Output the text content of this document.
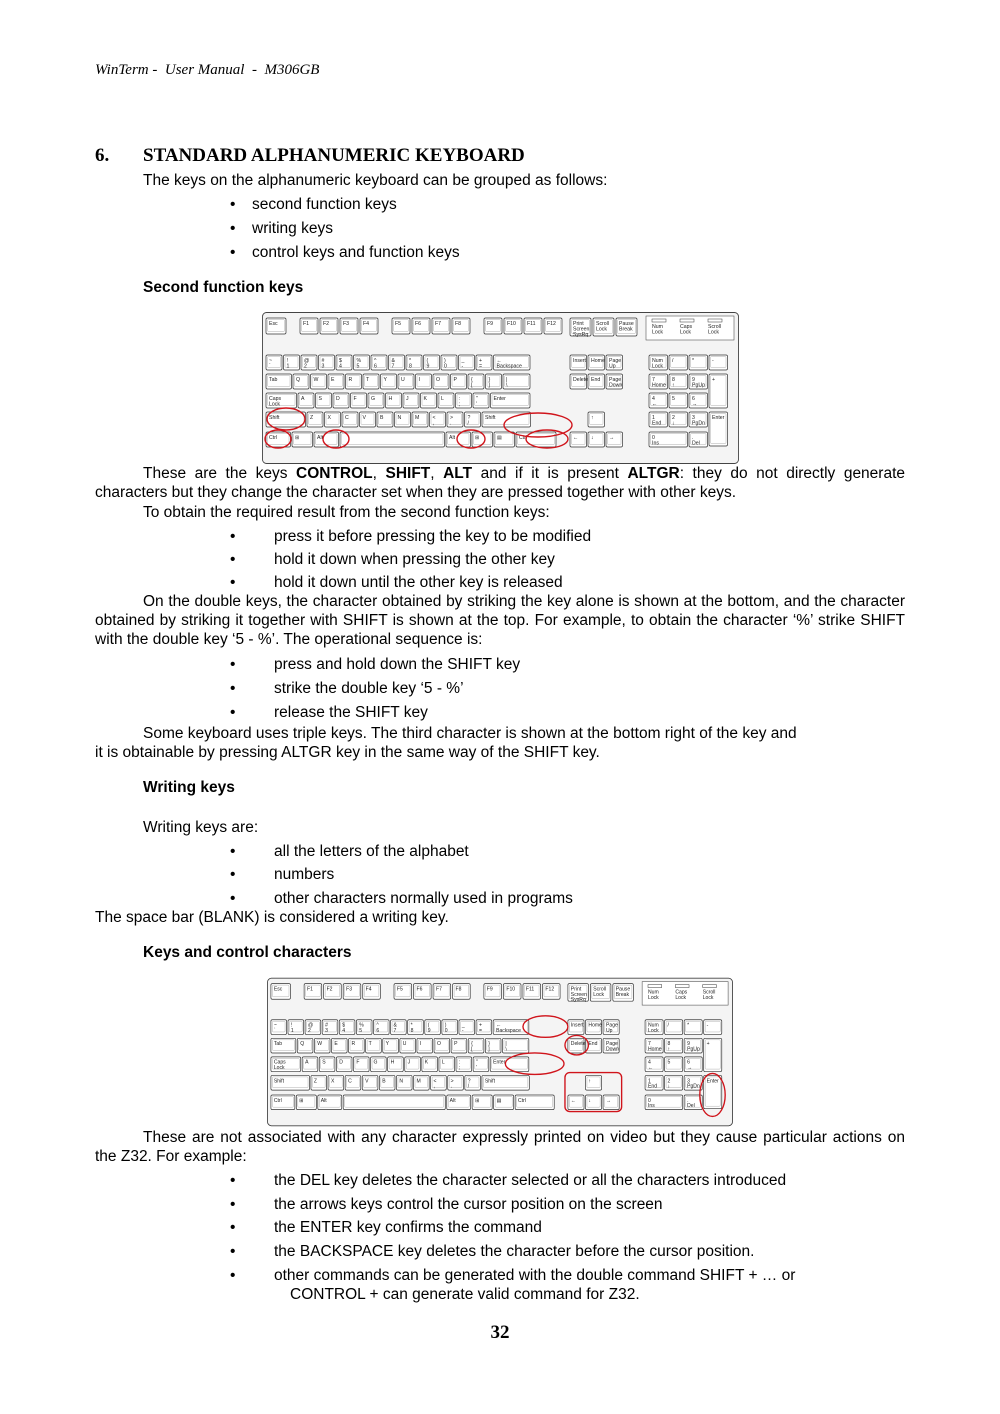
WinTerm -  User Manual  -  M306GB
6. STANDARD ALPHANUMERIC KEYBOARD
The keys on the alphanumeric keyboard can be grouped as follows:
• second function keys
• writing keys
• control keys and function keys
Second function keys
Esc	F1	F2	F3	F4	F5	F6	F7	F8	F9	F10 F11 F12	Print
Screen
SysRq
Scroll
Lock
Pause
Break	Num
Lock
Caps
Lock
Scroll
Lock
~
`
!
1
@
2
#
3
$
4
%
5
^
6
&
7
*
8
(
9
)
0
_
-
+
=
←
Backspace
Tab	Q	W E	R	T	Y	U	I	O	P	{
[
}
]
|
\
Caps
Lock
A	S	D	F	G	H	J	K	L	:
;
"
'
Enter
Shift	Z	X	C	V	B	N	M	<
,
>
.
?
/
Shift
Ctrl	⊞	Alt	Alt	⊞	▤	Ctrl
Insert
Delete
Home
End
Page
Up
Page
Down
↑
← ↓	→
Num
Lock
/	*	-
7
Home
8
↑
9
PgUp
+
4
←
5	6
→
1
End
2
↓
3
PgDn
Enter
0
Ins
.
Del
These are the keys CONTROL, SHIFT, ALT and if it is present ALTGR: they do not directly generate characters but they change the character set when they are pressed together with other keys.
To obtain the required result from the second function keys:
• press it before pressing the key to be modified
• hold it down when pressing the other key
• hold it down until the other key is released
On the double keys, the character obtained by striking the key alone is shown at the bottom, and the character obtained by striking it together with SHIFT is shown at the top. For example, to obtain the character ‘%’ strike SHIFT with the double key ‘5 - %’. The operational sequence is:
• press and hold down the SHIFT key
• strike the double key ‘5 - %’
• release the SHIFT key
Some keyboard uses triple keys. The third character is shown at the bottom right of the key and
it is obtainable by pressing ALTGR key in the same way of the SHIFT key.
Writing keys
Writing keys are:
• all the letters of the alphabet
• numbers
• other characters normally used in programs
The space bar (BLANK) is considered a writing key.
Keys and control characters
Esc	F1	F2	F3	F4	F5	F6	F7	F8	F9	F10 F11 F12	Print
Screen
SysRq
Scroll
Lock
Pause
Break	Num
Lock
Caps
Lock
Scroll
Lock
~
`
!
1
@
2
#
3
$
4
%
5
^
6
&
7
*
8
(
9
)
0
_
-
+
=
←
Backspace
Tab	Q	W E	R	T	Y	U	I	O	P	{
[
}
]
|
\
Caps
Lock
A	S	D	F	G	H	J	K	L	:
;
"
'
Enter
Shift	Z	X	C	V	B	N	M <
,
>
.
?
/
Shift
Ctrl	⊞	Alt	Alt	⊞	▤	Ctrl
Insert
Delete
Home
End
Page
Up
Page
Down
↑
← ↓	→
Num
Lock
/	*	-
7
Home
8
↑
9
PgUp
+
4
←
5	6
→
1
End
2
↓
3
PgDn
Enter
0
Ins
.
Del
These are not associated with any character expressly printed on video but they cause particular actions on the Z32. For example:
• the DEL key deletes the character selected or all the characters introduced
• the arrows keys control the cursor position on the screen
• the ENTER key confirms the command
• the BACKSPACE key deletes the character before the cursor position.
• other commands can be generated with the double command SHIFT + … or
CONTROL + can generate valid command for Z32.
32
